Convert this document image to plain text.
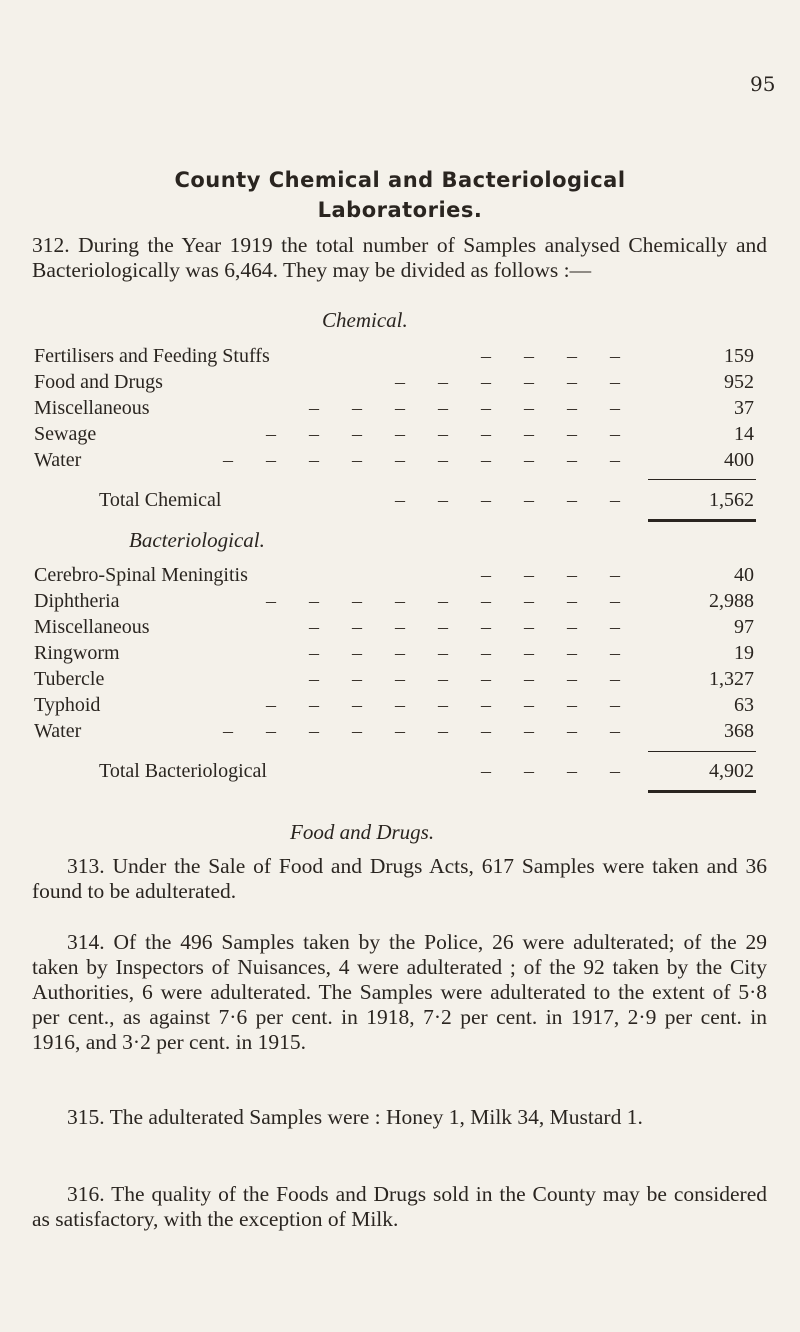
95
County Chemical and Bacteriological
Laboratories.
312. During the Year 1919 the total number of Samples analysed Chemically and Bacteriologically was 6,464. They may be divided as follows :—
Chemical.
Fertilisers and Feeding Stuffs	– – – –	159
Food and Drugs	– – – – – –	952
Miscellaneous	– – – – – – – –	37
Sewage	– – – – – – – – –	14
Water	– – – – – – – – – –	400
Total Chemical	– – – – – –	1,562
Bacteriological.
Cerebro-Spinal Meningitis	– – – –	40
Diphtheria	– – – – – – – – –	2,988
Miscellaneous	– – – – – – – –	97
Ringworm	– – – – – – – –	19
Tubercle	– – – – – – – –	1,327
Typhoid	– – – – – – – – –	63
Water	– – – – – – – – – –	368
Total Bacteriological	– – – –	4,902
Food and Drugs.
313. Under the Sale of Food and Drugs Acts, 617 Samples were taken and 36 found to be adulterated.
314. Of the 496 Samples taken by the Police, 26 were adulterated; of the 29 taken by Inspectors of Nuisances, 4 were adulterated ; of the 92 taken by the City Authorities, 6 were adulterated. The Samples were adulterated to the extent of 5·8 per cent., as against 7·6 per cent. in 1918, 7·2 per cent. in 1917, 2·9 per cent. in 1916, and 3·2 per cent. in 1915.
315. The adulterated Samples were : Honey 1, Milk 34, Mustard 1.
316. The quality of the Foods and Drugs sold in the County may be considered as satisfactory, with the exception of Milk.
